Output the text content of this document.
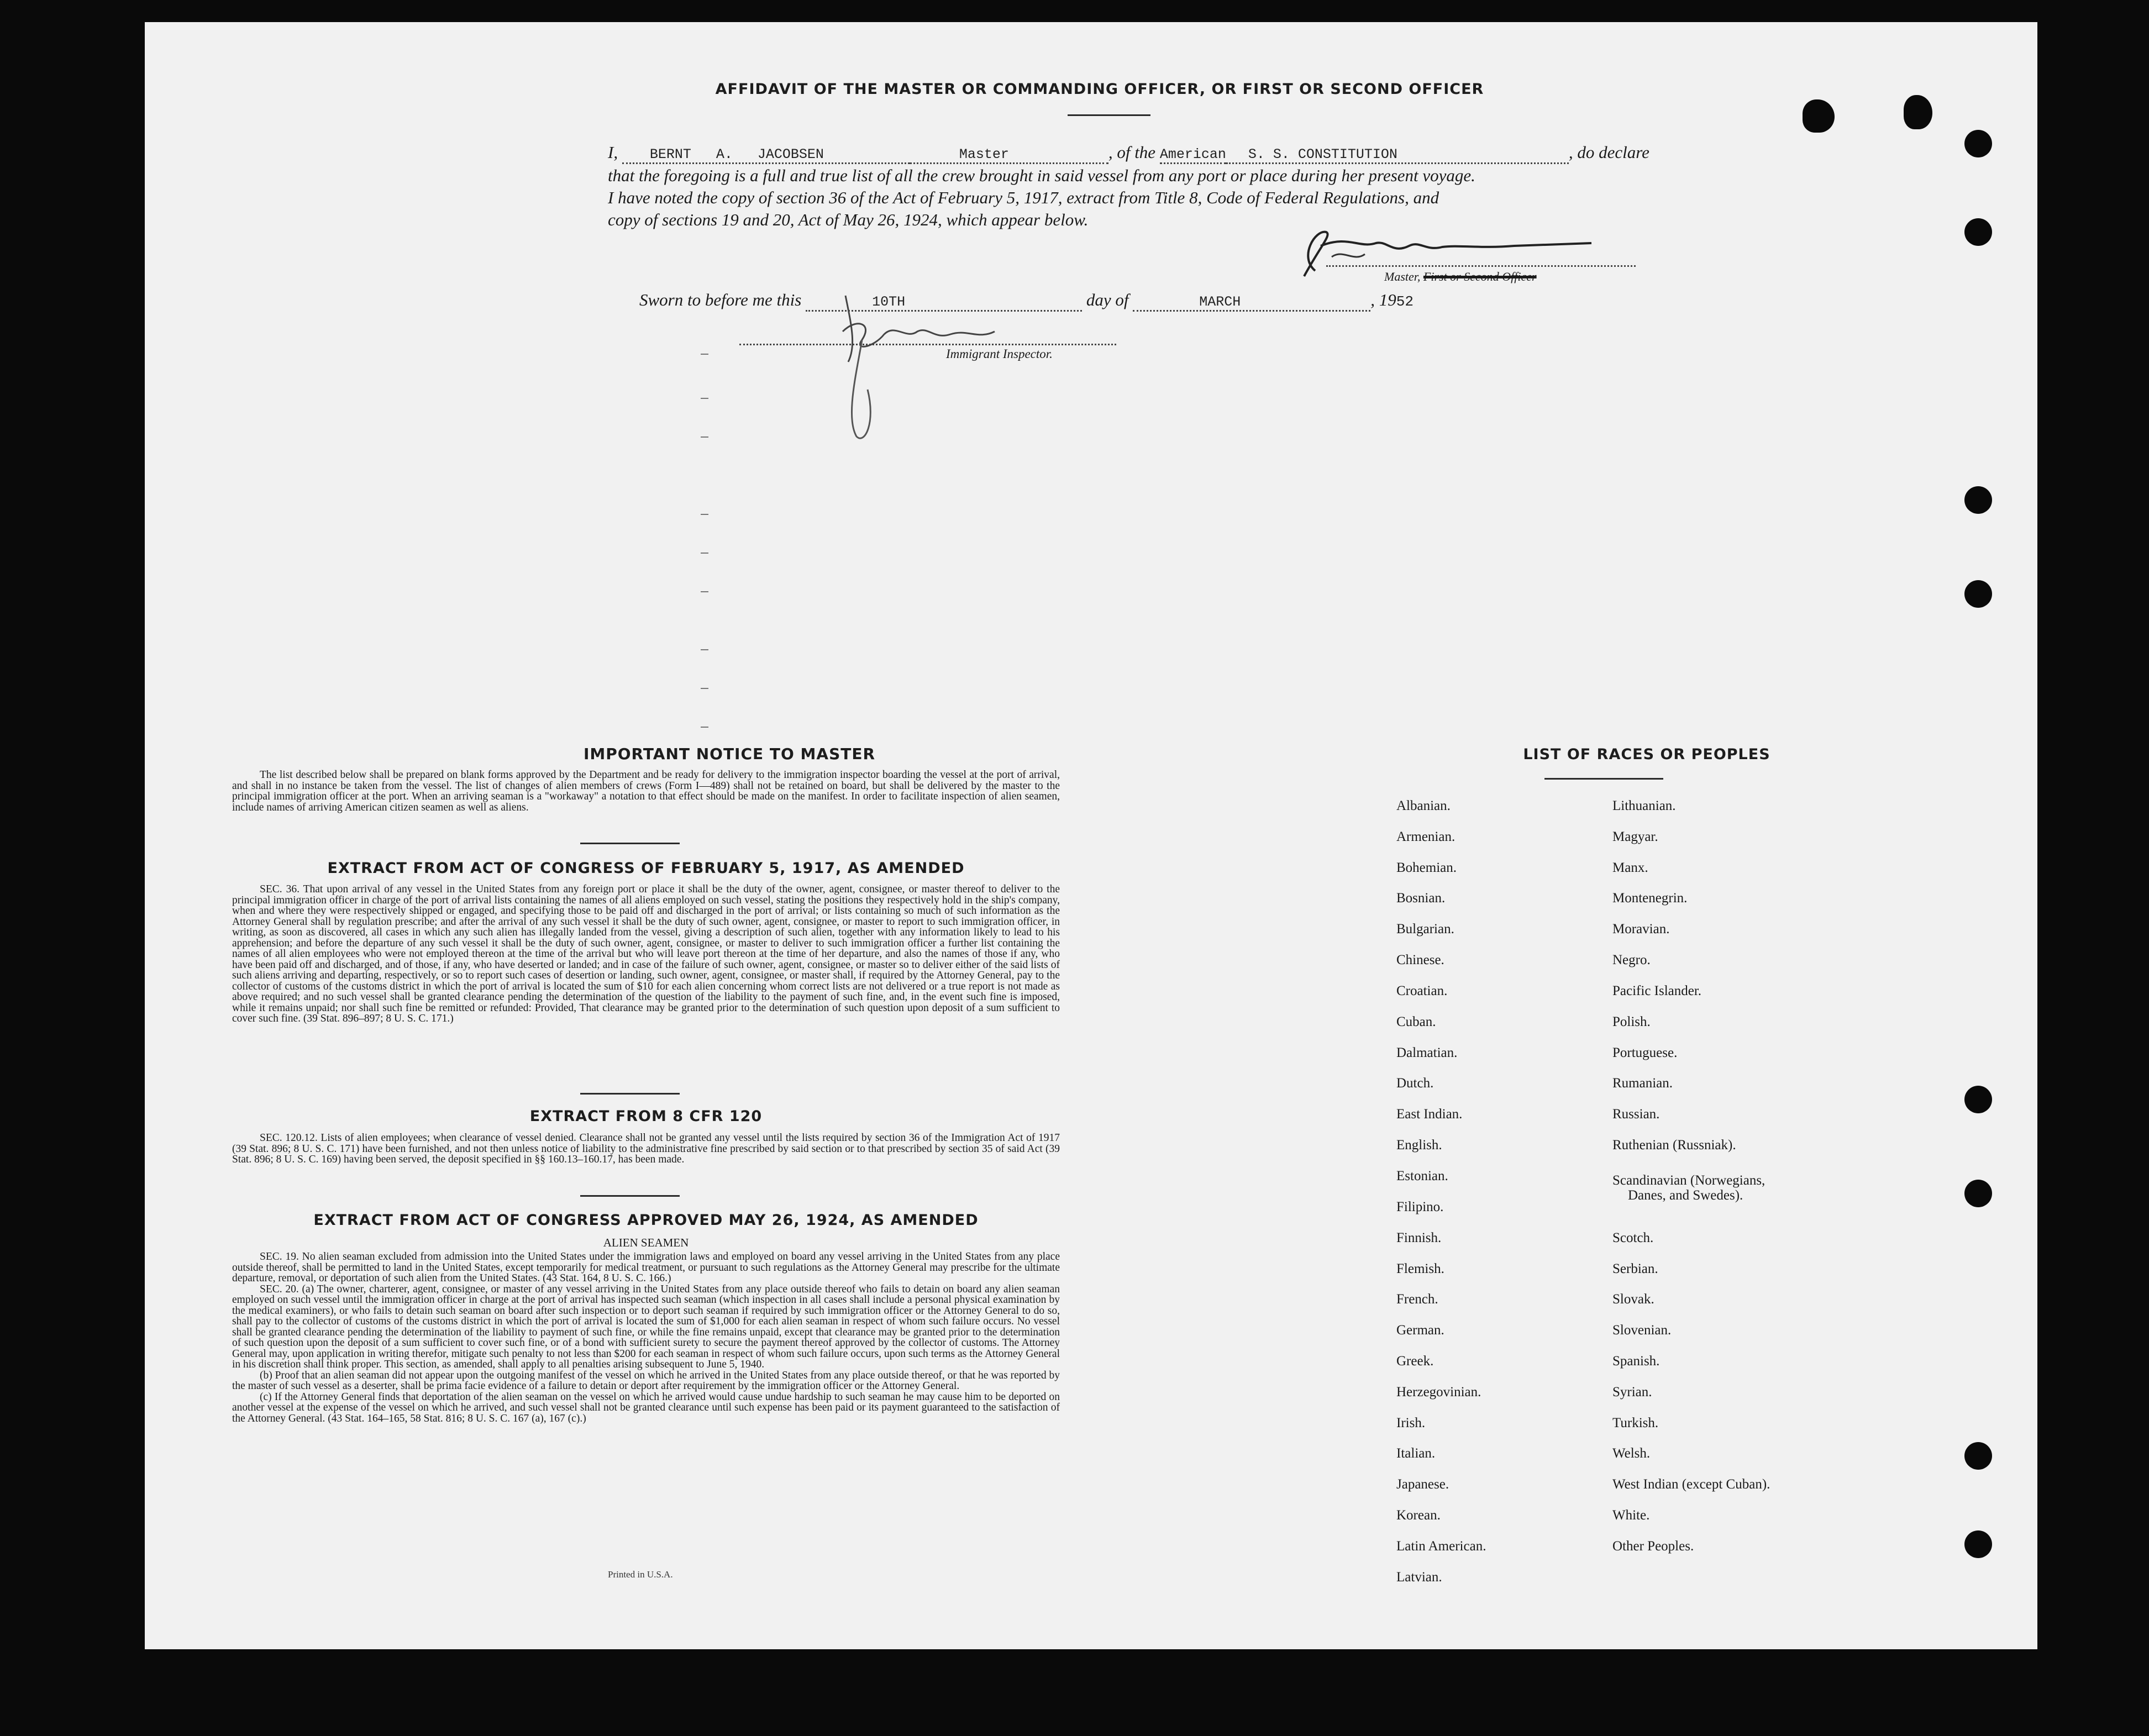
AFFIDAVIT OF THE MASTER OR COMMANDING OFFICER, OR FIRST OR SECOND OFFICER
I, BERNT A. JACOBSEN	Master	, of the American S. S. CONSTITUTION	, do declare
that the foregoing is a full and true list of all the crew brought in said vessel from any port or place during her present voyage.
I have noted the copy of section 36 of the Act of February 5, 1917, extract from Title 8, Code of Federal Regulations, and
copy of sections 19 and 20, Act of May 26, 1924, which appear below.
Master, First or Second Officer
Sworn to before me this	10TH	day of	MARCH	, 1952
Immigrant Inspector.
IMPORTANT NOTICE TO MASTER

The list described below shall be prepared on blank forms approved by the Department and be ready for delivery to the immigration inspector boarding the vessel at the port of arrival, and shall in no instance be taken from the vessel. The list of changes of alien members of crews (Form I—489) shall not be retained on board, but shall be delivered by the master to the principal immigration officer at the port. When an arriving seaman is a "workaway" a notation to that effect should be made on the manifest. In order to facilitate inspection of alien seamen, include names of arriving American citizen seamen as well as aliens.

EXTRACT FROM ACT OF CONGRESS OF FEBRUARY 5, 1917, AS AMENDED

SEC. 36. That upon arrival of any vessel in the United States from any foreign port or place it shall be the duty of the owner, agent, consignee, or master thereof to deliver to the principal immigration officer in charge of the port of arrival lists containing the names of all aliens employed on such vessel, stating the positions they respectively hold in the ship's company, when and where they were respectively shipped or engaged, and specifying those to be paid off and discharged in the port of arrival; or lists containing so much of such information as the Attorney General shall by regulation prescribe; and after the arrival of any such vessel it shall be the duty of such owner, agent, consignee, or master to report to such immigration officer, in writing, as soon as discovered, all cases in which any such alien has illegally landed from the vessel, giving a description of such alien, together with any information likely to lead to his apprehension; and before the departure of any such vessel it shall be the duty of such owner, agent, consignee, or master to deliver to such immigration officer a further list containing the names of all alien employees who were not employed thereon at the time of the arrival but who will leave port thereon at the time of her departure, and also the names of those if any, who have been paid off and discharged, and of those, if any, who have deserted or landed; and in case of the failure of such owner, agent, consignee, or master so to deliver either of the said lists of such aliens arriving and departing, respectively, or so to report such cases of desertion or landing, such owner, agent, consignee, or master shall, if required by the Attorney General, pay to the collector of customs of the customs district in which the port of arrival is located the sum of $10 for each alien concerning whom correct lists are not delivered or a true report is not made as above required; and no such vessel shall be granted clearance pending the determination of the question of the liability to the payment of such fine, and, in the event such fine is imposed, while it remains unpaid; nor shall such fine be remitted or refunded: Provided, That clearance may be granted prior to the determination of such question upon deposit of a sum sufficient to cover such fine. (39 Stat. 896–897; 8 U. S. C. 171.)

EXTRACT FROM 8 CFR 120

SEC. 120.12. Lists of alien employees; when clearance of vessel denied. Clearance shall not be granted any vessel until the lists required by section 36 of the Immigration Act of 1917 (39 Stat. 896; 8 U. S. C. 171) have been furnished, and not then unless notice of liability to the administrative fine prescribed by said section or to that prescribed by section 35 of said Act (39 Stat. 896; 8 U. S. C. 169) having been served, the deposit specified in §§ 160.13–160.17, has been made.

EXTRACT FROM ACT OF CONGRESS APPROVED MAY 26, 1924, AS AMENDED
ALIEN SEAMEN

SEC. 19. No alien seaman excluded from admission into the United States under the immigration laws and employed on board any vessel arriving in the United States from any place outside thereof, shall be permitted to land in the United States, except temporarily for medical treatment, or pursuant to such regulations as the Attorney General may prescribe for the ultimate departure, removal, or deportation of such alien from the United States. (43 Stat. 164, 8 U. S. C. 166.)

SEC. 20. (a) The owner, charterer, agent, consignee, or master of any vessel arriving in the United States from any place outside thereof who fails to detain on board any alien seaman employed on such vessel until the immigration officer in charge at the port of arrival has inspected such seaman (which inspection in all cases shall include a personal physical examination by the medical examiners), or who fails to detain such seaman on board after such inspection or to deport such seaman if required by such immigration officer or the Attorney General to do so, shall pay to the collector of customs of the customs district in which the port of arrival is located the sum of $1,000 for each alien seaman in respect of whom such failure occurs. No vessel shall be granted clearance pending the determination of the liability to payment of such fine, or while the fine remains unpaid, except that clearance may be granted prior to the determination of such question upon the deposit of a sum sufficient to cover such fine, or of a bond with sufficient surety to secure the payment thereof approved by the collector of customs. The Attorney General may, upon application in writing therefor, mitigate such penalty to not less than $200 for each seaman in respect of whom such failure occurs, upon such terms as the Attorney General in his discretion shall think proper. This section, as amended, shall apply to all penalties arising subsequent to June 5, 1940.

(b) Proof that an alien seaman did not appear upon the outgoing manifest of the vessel on which he arrived in the United States from any place outside thereof, or that he was reported by the master of such vessel as a deserter, shall be prima facie evidence of a failure to detain or deport after requirement by the immigration officer or the Attorney General.

(c) If the Attorney General finds that deportation of the alien seaman on the vessel on which he arrived would cause undue hardship to such seaman he may cause him to be deported on another vessel at the expense of the vessel on which he arrived, and such vessel shall not be granted clearance until such expense has been paid or its payment guaranteed to the satisfaction of the Attorney General. (43 Stat. 164–165, 58 Stat. 816; 8 U. S. C. 167 (a), 167 (c).)

Printed in U.S.A.
LIST OF RACES OR PEOPLES
Albanian.
Armenian.
Bohemian.
Bosnian.
Bulgarian.
Chinese.
Croatian.
Cuban.
Dalmatian.
Dutch.
East Indian.
English.
Estonian.
Filipino.
Finnish.
Flemish.
French.
German.
Greek.
Herzegovinian.
Irish.
Italian.
Japanese.
Korean.
Latin American.
Latvian.
Lithuanian.
Magyar.
Manx.
Montenegrin.
Moravian.
Negro.
Pacific Islander.
Polish.
Portuguese.
Rumanian.
Russian.
Ruthenian (Russniak).
Scandinavian (Norwegians,
Danes, and Swedes).
Scotch.
Serbian.
Slovak.
Slovenian.
Spanish.
Syrian.
Turkish.
Welsh.
West Indian (except Cuban).
White.
Other Peoples.
